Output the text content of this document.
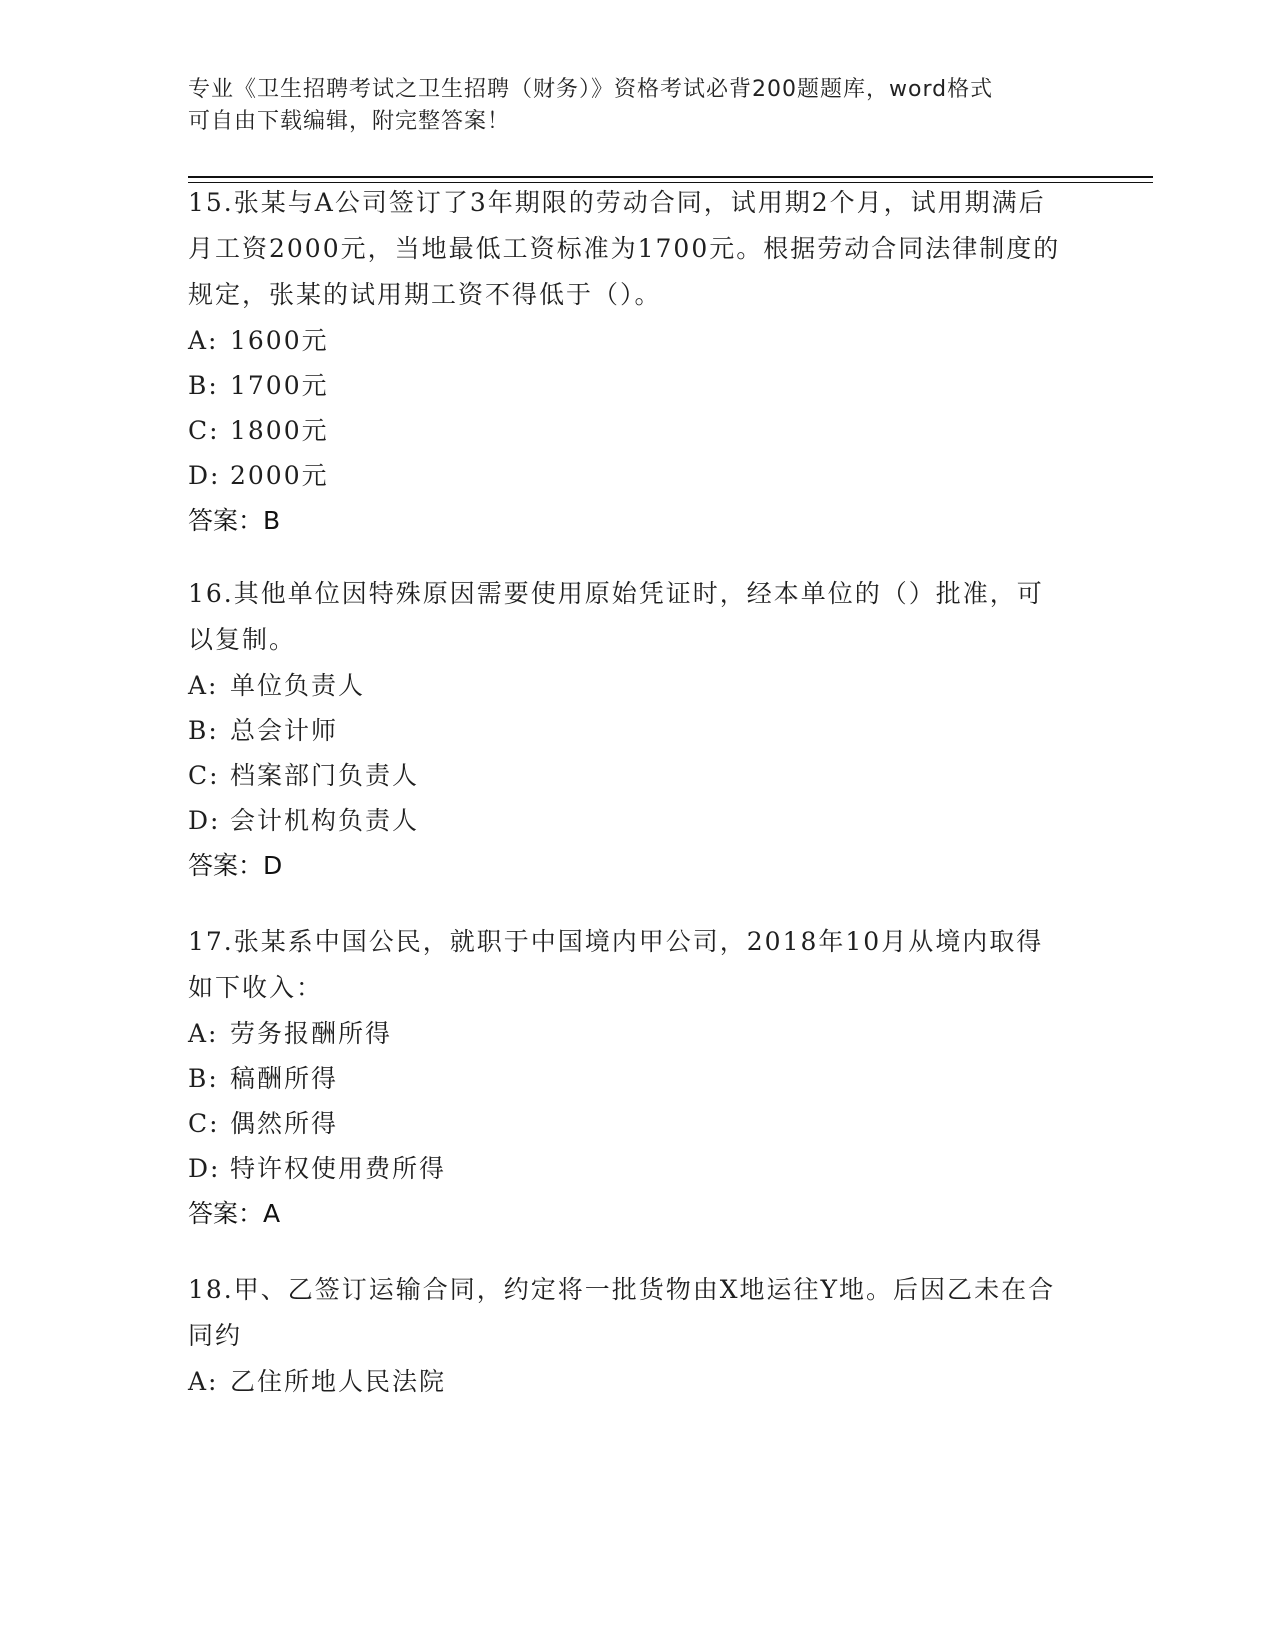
专业《卫生招聘考试之卫生招聘（财务）》资格考试必背200题题库，word格式
可自由下载编辑，附完整答案！

15.张某与A公司签订了3年期限的劳动合同，试用期2个月，试用期满后月工资2000元，当地最低工资标准为1700元。根据劳动合同法律制度的规定，张某的试用期工资不得低于（）。

A: 1600元

B: 1700元

C: 1800元

D: 2000元

答案：B

16.其他单位因特殊原因需要使用原始凭证时，经本单位的（）批准，可以复制。

A: 单位负责人

B: 总会计师

C: 档案部门负责人

D: 会计机构负责人

答案：D

17.张某系中国公民，就职于中国境内甲公司，2018年10月从境内取得如下收入：

A: 劳务报酬所得

B: 稿酬所得

C: 偶然所得

D: 特许权使用费所得

答案：A

18.甲、乙签订运输合同，约定将一批货物由X地运往Y地。后因乙未在合同约

A: 乙住所地人民法院
